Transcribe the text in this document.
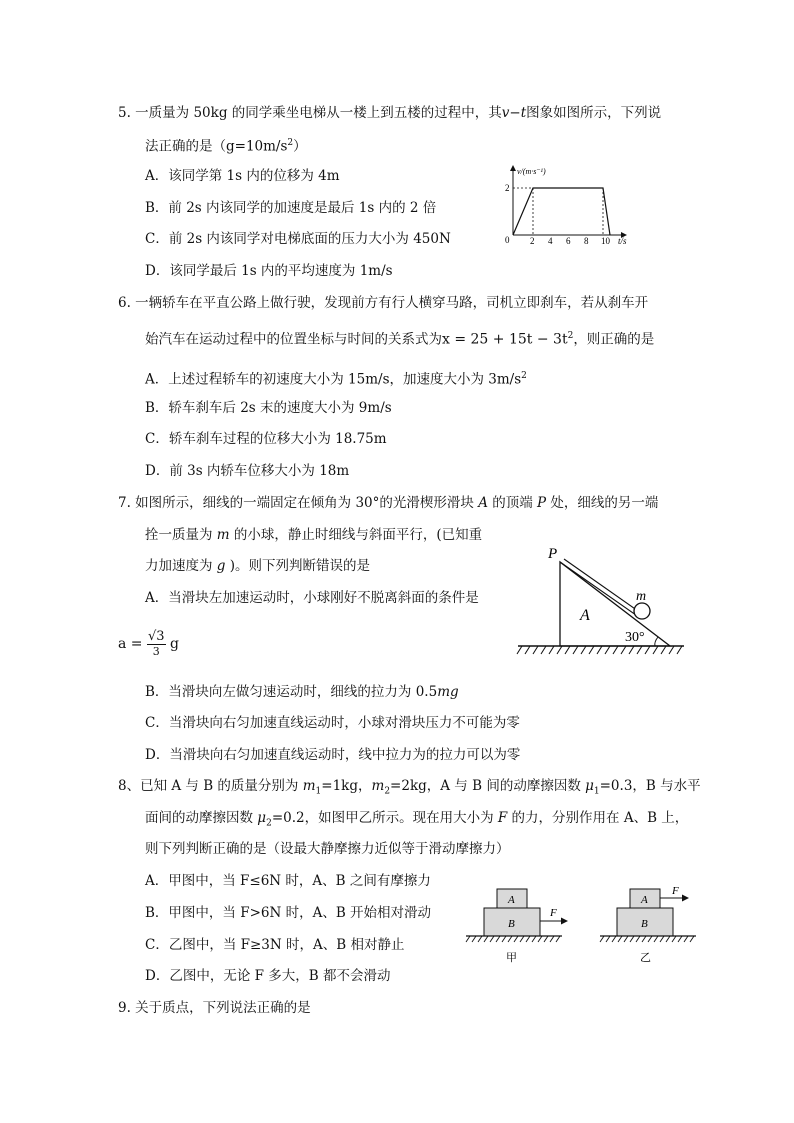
5. 一质量为 50kg 的同学乘坐电梯从一楼上到五楼的过程中，其v−t图象如图所示，下列说
法正确的是$(g=10m/s^2)$
A．该同学第 1s 内的位移为 4m
B．前 2s 内该同学的加速度是最后 1s 内的 2 倍
C．前 2s 内该同学对电梯底面的压力大小为 450N
D．该同学最后 1s 内的平均速度为 1m/s
v/(m·s⁻¹)
2
0 2 4 6 8 10 t/s
6. 一辆轿车在平直公路上做行驶，发现前方有行人横穿马路，司机立即刹车，若从刹车开
始汽车在运动过程中的位置坐标与时间的关系式为$x = 25 + 15t - 3t^2$，则正确的是
A．上述过程轿车的初速度大小为 15m/s，加速度大小为 $3m/s^2$
B．轿车刹车后 2s 末的速度大小为 9m/s
C．轿车刹车过程的位移大小为 18.75m
D．前 3s 内轿车位移大小为 18m
7. 如图所示，细线的一端固定在倾角为 30°的光滑楔形滑块 A 的顶端 P 处，细线的另一端
拴一质量为 m 的小球，静止时细线与斜面平行，(已知重
力加速度为 g )。则下列判断错误的是
A．当滑块左加速运动时，小球刚好不脱离斜面的条件是
$a = \frac{√3}{3}$ g
B．当滑块向左做匀速运动时，细线的拉力为 0.5mg
C．当滑块向右匀加速直线运动时，小球对滑块压力不可能为零
D．当滑块向右匀加速直线运动时，线中拉力为的拉力可以为零
P
A
m
30°
8、已知 A 与 B 的质量分别为 $m_1=1kg$，$m_2=2kg$，A 与 B 间的动摩擦因数 $\mu_1=0.3$，B 与水平
面间的动摩擦因数 $\mu_2=0.2$，如图甲乙所示。现在用大小为 F 的力，分别作用在 A、B 上，
则下列判断正确的是（设最大静摩擦力近似等于滑动摩擦力）
A．甲图中，当 F≤6N 时，A、B 之间有摩擦力
B．甲图中，当 F>6N 时，A、B 开始相对滑动
C．乙图中，当 F≥3N 时，A、B 相对静止
D．乙图中，无论 F 多大，B 都不会滑动
A
B
F
甲
A
B
F
乙
9. 关于质点，下列说法正确的是
